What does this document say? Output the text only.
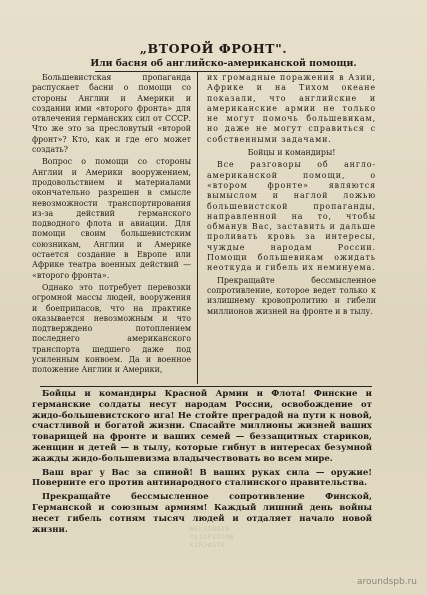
„ВТОРОЙ ФРОНТ".
Или басня об английско-американской помощи.

Большевистская пропаганда распускает басни о помощи со стороны Англии и Америки и создании ими «второго фронта» для отвлечения германских сил от СССР. Что же это за пресловутый «второй фронт»? Кто, как и где его может создать?

Вопрос о помощи со стороны Англии и Америки вооружением, продовольствием и материалами окончательно разрешен в смысле невозможности транспортирования из-за действий германского подводного флота и авиации. Для помощи своим большевистским союзникам, Англии и Америке остается создание в Европе или Африке театра военных действий — «второго фронта».

Однако это потребует перевозки огромной массы людей, вооружения и боеприпасов, что на практике оказывается невозможным и что подтверждено потоплением последнего американского транспорта шедшего даже под усиленным конвоем. Да и военное положение Англии и Америки,

их громадные поражения в Азии, Африке и на Тихом океане показали, что английские и американские армии не только не могут помочь большевикам, но даже не могут справиться с собственными задачами.

Бойцы и командиры!

Все разговоры об англо-американской помощи, о «втором фронте» являются вымыслом и наглой ложью большевистской пропаганды, направленной на то, чтобы обманув Вас, заставить и дальше проливать кровь за интересы, чуждые народам России. Помощи большевикам ожидать неоткуда и гибель их неминуема.

Прекращайте бессмысленное сопротивление, которое ведет только к излишнему кровопролитию и гибели миллионов жизней на фронте и в тылу.

Бойцы и командиры Красной Армии и Флота! Финские и германские солдаты несут народам России, освобождение от жидо-большевистского ига! Не стойте преградой на пути к новой, счастливой и богатой жизни. Спасайте миллионы жизней ваших товарищей на фронте и ваших семей — беззащитных стариков, женщин и детей — в тылу, которые гибнут в интересах безумной жажды жидо-большевизма владычествовать во всем мире.

Ваш враг у Вас за спиной! В ваших руках сила — оружие! Поверните его против антинародного сталинского правительства.

Прекращайте бессмысленное сопротивление Финской, Германской и союзным армиям! Каждый лишний день войны несет гибель сотням тысяч людей и отдаляет начало новой жизни.	HELSINGIN
YLIOPISTON
KIRJASTO
aroundspb.ru
